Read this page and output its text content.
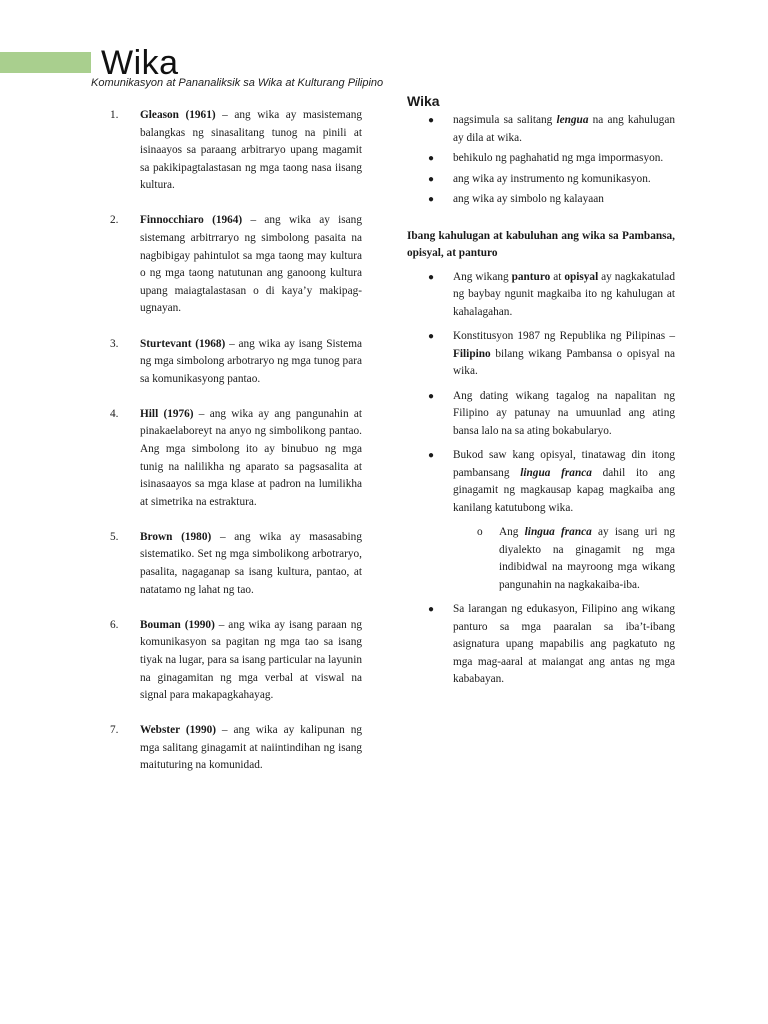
Wika
Komunikasyon at Pananaliksik sa Wika at Kulturang Pilipino
Wika
1.	Gleason (1961) – ang wika ay masistemang balangkas ng sinasalitang tunog na pinili at isinaayos sa paraang arbitraryo upang magamit sa pakikipagtalastasan ng mga taong nasa iisang kultura.
2.	Finnocchiaro (1964) – ang wika ay isang sistemang arbitrraryo ng simbolong pasaita na nagbibigay pahintulot sa mga taong may kultura o ng mga taong natutunan ang ganoong kultura upang maiagtalastasan o di kaya’y makipag-ugnayan.
3.	Sturtevant (1968) – ang wika ay isang Sistema ng mga simbolong arbotraryo ng mga tunog para sa komunikasyong pantao.
4.	Hill (1976) – ang wika ay ang pangunahin at pinakaelaboreyt na anyo ng simbolikong pantao. Ang mga simbolong ito ay binubuo ng mga tunig na nalilikha ng aparato sa pagsasalita at isinasaayos sa mga klase at padron na lumilikha at simetrika na estraktura.
5.	Brown (1980) – ang wika ay masasabing sistematiko. Set ng mga simbolikong arbotraryo, pasalita, nagaganap sa isang kultura, pantao, at natatamo ng lahat ng tao.
6.	Bouman (1990) – ang wika ay isang paraan ng komunikasyon sa pagitan ng mga tao sa isang tiyak na lugar, para sa isang particular na layunin na ginagamitan ng mga verbal at viswal na signal para makapagkahayag.
7.	Webster (1990) – ang wika ay kalipunan ng mga salitang ginagamit at naiintindihan ng isang maituturing na komunidad.
●	nagsimula sa salitang lengua na ang kahulugan ay dila at wika.
●	behikulo ng paghahatid ng mga impormasyon.
●	ang wika ay instrumento ng komunikasyon.
●	ang wika ay simbolo ng kalayaan
Ibang kahulugan at kabuluhan ang wika sa Pambansa, opisyal, at panturo
●	Ang wikang panturo at opisyal ay nagkakatulad ng baybay ngunit magkaiba ito ng kahulugan at kahalagahan.
●	Konstitusyon 1987 ng Republika ng Pilipinas – Filipino bilang wikang Pambansa o opisyal na wika.
●	Ang dating wikang tagalog na napalitan ng Filipino ay patunay na umuunlad ang ating bansa lalo na sa ating bokabularyo.
●	Bukod saw kang opisyal, tinatawag din itong pambansang lingua franca dahil ito ang ginagamit ng magkausap kapag magkaiba ang kanilang katutubong wika.
o	Ang lingua franca ay isang uri ng diyalekto na ginagamit ng mga indibidwal na mayroong mga wikang pangunahin na nagkakaiba-iba.
●	Sa larangan ng edukasyon, Filipino ang wikang panturo sa mga paaralan sa iba’t-ibang asignatura upang mapabilis ang pagkatuto ng mga mag-aaral at maiangat ang antas ng mga kababayan.
